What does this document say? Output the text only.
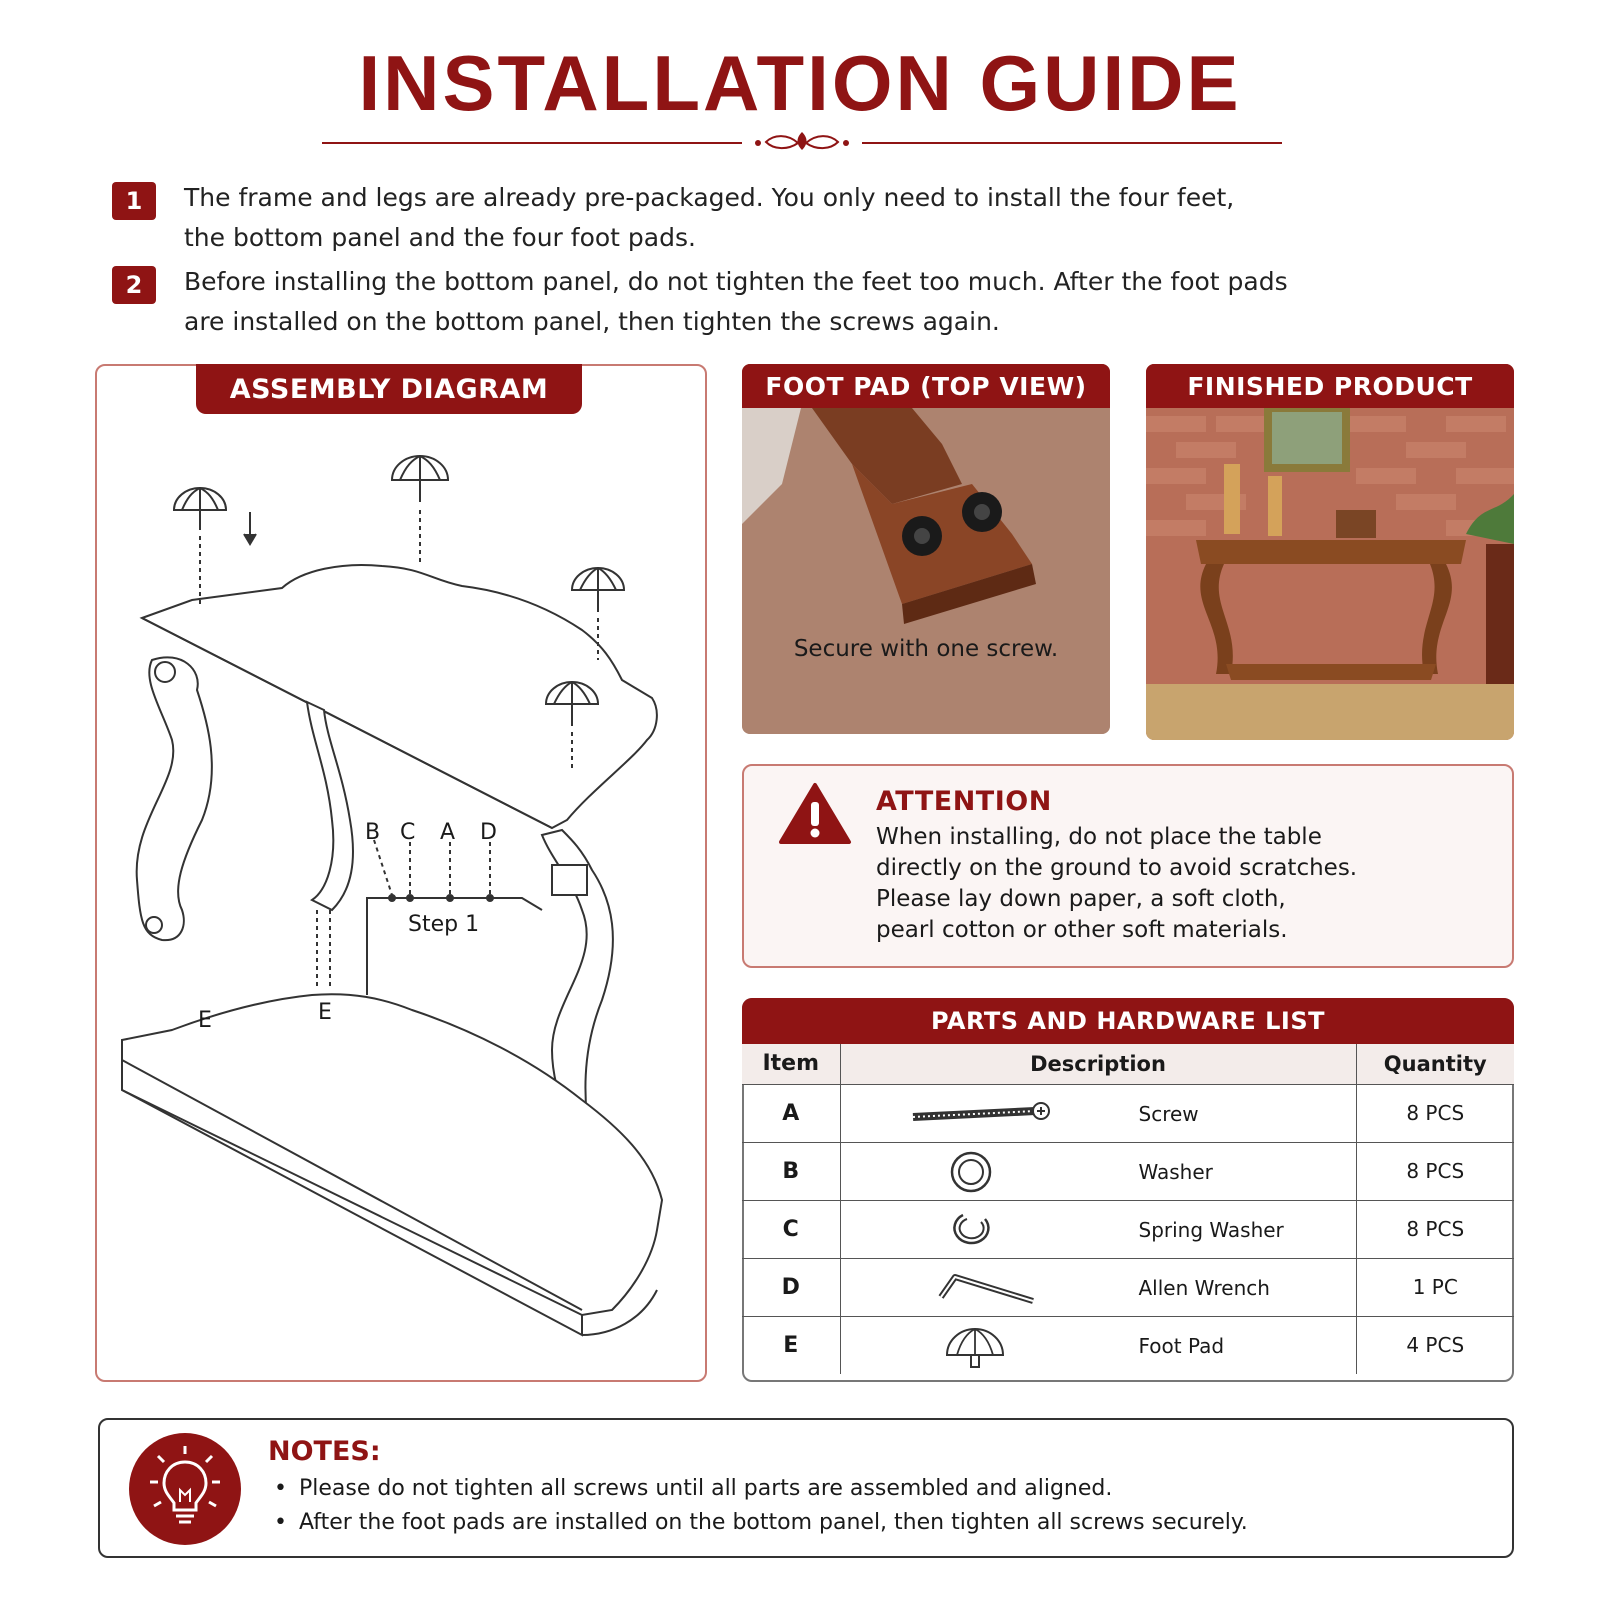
INSTALLATION GUIDE
1	The frame and legs are already pre-packaged. You only need to install the four feet,
the bottom panel and the four foot pads.
2	Before installing the bottom panel, do not tighten the feet too much. After the foot pads
are installed on the bottom panel, then tighten the screws again.
ASSEMBLY DIAGRAM
B C A D
Step 1
E	E
FOOT PAD (TOP VIEW)
Secure with one screw.
FINISHED PRODUCT
ATTENTION
When installing, do not place the table
directly on the ground to avoid scratches.
Please lay down paper, a soft cloth,
pearl cotton or other soft materials.
PARTS AND HARDWARE LIST
Item	Description	Quantity
A	Screw	8 PCS
B	Washer	8 PCS
C	Spring Washer	8 PCS
D	Allen Wrench	1 PC
E	Foot Pad	4 PCS
NOTES:
• Please do not tighten all screws until all parts are assembled and aligned.
• After the foot pads are installed on the bottom panel, then tighten all screws securely.
